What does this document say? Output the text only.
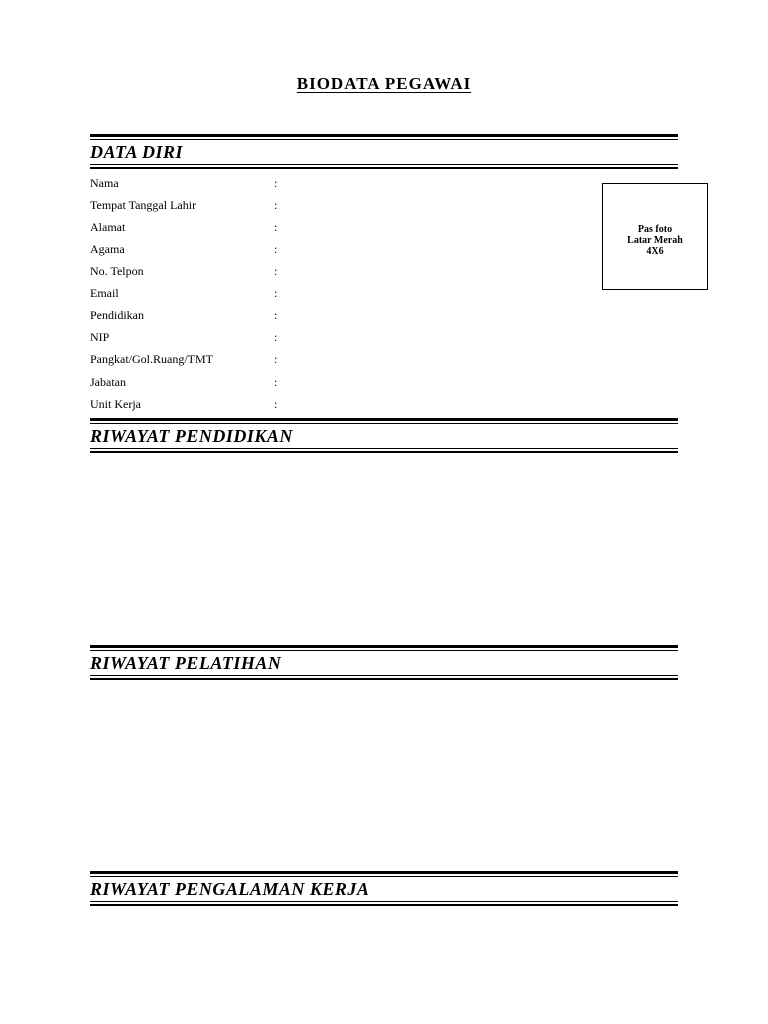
BIODATA PEGAWAI
DATA DIRI
Nama	:
Tempat Tanggal Lahir	:
Alamat	:
Agama	:
No. Telpon	:
Email	:
Pendidikan	:
NIP	:
Pangkat/Gol.Ruang/TMT	:
Jabatan	:
Unit Kerja	:
Pas foto
Latar Merah
4X6
RIWAYAT PENDIDIKAN
RIWAYAT PELATIHAN
RIWAYAT PENGALAMAN KERJA
